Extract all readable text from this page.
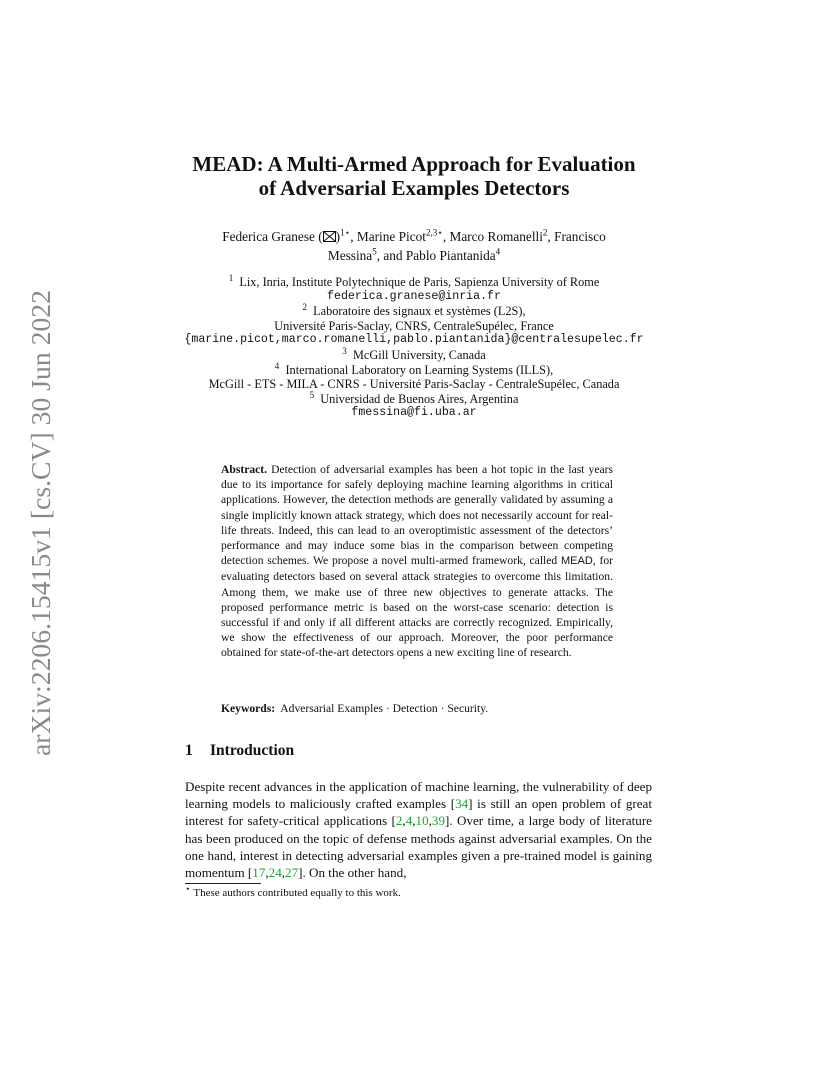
arXiv:2206.15415v1 [cs.CV] 30 Jun 2022
MEAD: A Multi-Armed Approach for Evaluation
of Adversarial Examples Detectors
Federica Granese ( )$^{1⋆}$, Marine Picot$^{2,3⋆}$, Marco Romanelli$^2$, Francisco
Messina$^5$, and Pablo Piantanida$^4$
$^1$ Lix, Inria, Institute Polytechnique de Paris, Sapienza University of Rome
federica.granese@inria.fr
$^2$ Laboratoire des signaux et systèmes (L2S),
Université Paris-Saclay, CNRS, CentraleSupélec, France
{marine.picot,marco.romanelli,pablo.piantanida}@centralesupelec.fr
$^3$ McGill University, Canada
$^4$ International Laboratory on Learning Systems (ILLS),
McGill - ETS - MILA - CNRS - Université Paris-Saclay - CentraleSupélec, Canada
$^5$ Universidad de Buenos Aires, Argentina
fmessina@fi.uba.ar
Abstract. Detection of adversarial examples has been a hot topic in the last years due to its importance for safely deploying machine learning algorithms in critical applications. However, the detection methods are generally validated by assuming a single implicitly known attack strategy, which does not necessarily account for real-life threats. Indeed, this can lead to an overoptimistic assessment of the detectors’ performance and may induce some bias in the comparison between competing detection schemes. We propose a novel multi-armed framework, called MEAD, for evaluating detectors based on several attack strategies to overcome this limitation. Among them, we make use of three new objectives to generate attacks. The proposed performance metric is based on the worst-case scenario: detection is successful if and only if all different attacks are correctly recognized. Empirically, we show the effectiveness of our approach. Moreover, the poor performance obtained for state-of-the-art detectors opens a new exciting line of research.
Keywords: Adversarial Examples · Detection · Security.
1 Introduction
Despite recent advances in the application of machine learning, the vulnerability of deep learning models to maliciously crafted examples [34] is still an open problem of great interest for safety-critical applications [2,4,10,39]. Over time, a large body of literature has been produced on the topic of defense methods against adversarial examples. On the one hand, interest in detecting adversarial examples given a pre-trained model is gaining momentum [17,24,27]. On the other hand,
⋆ These authors contributed equally to this work.
